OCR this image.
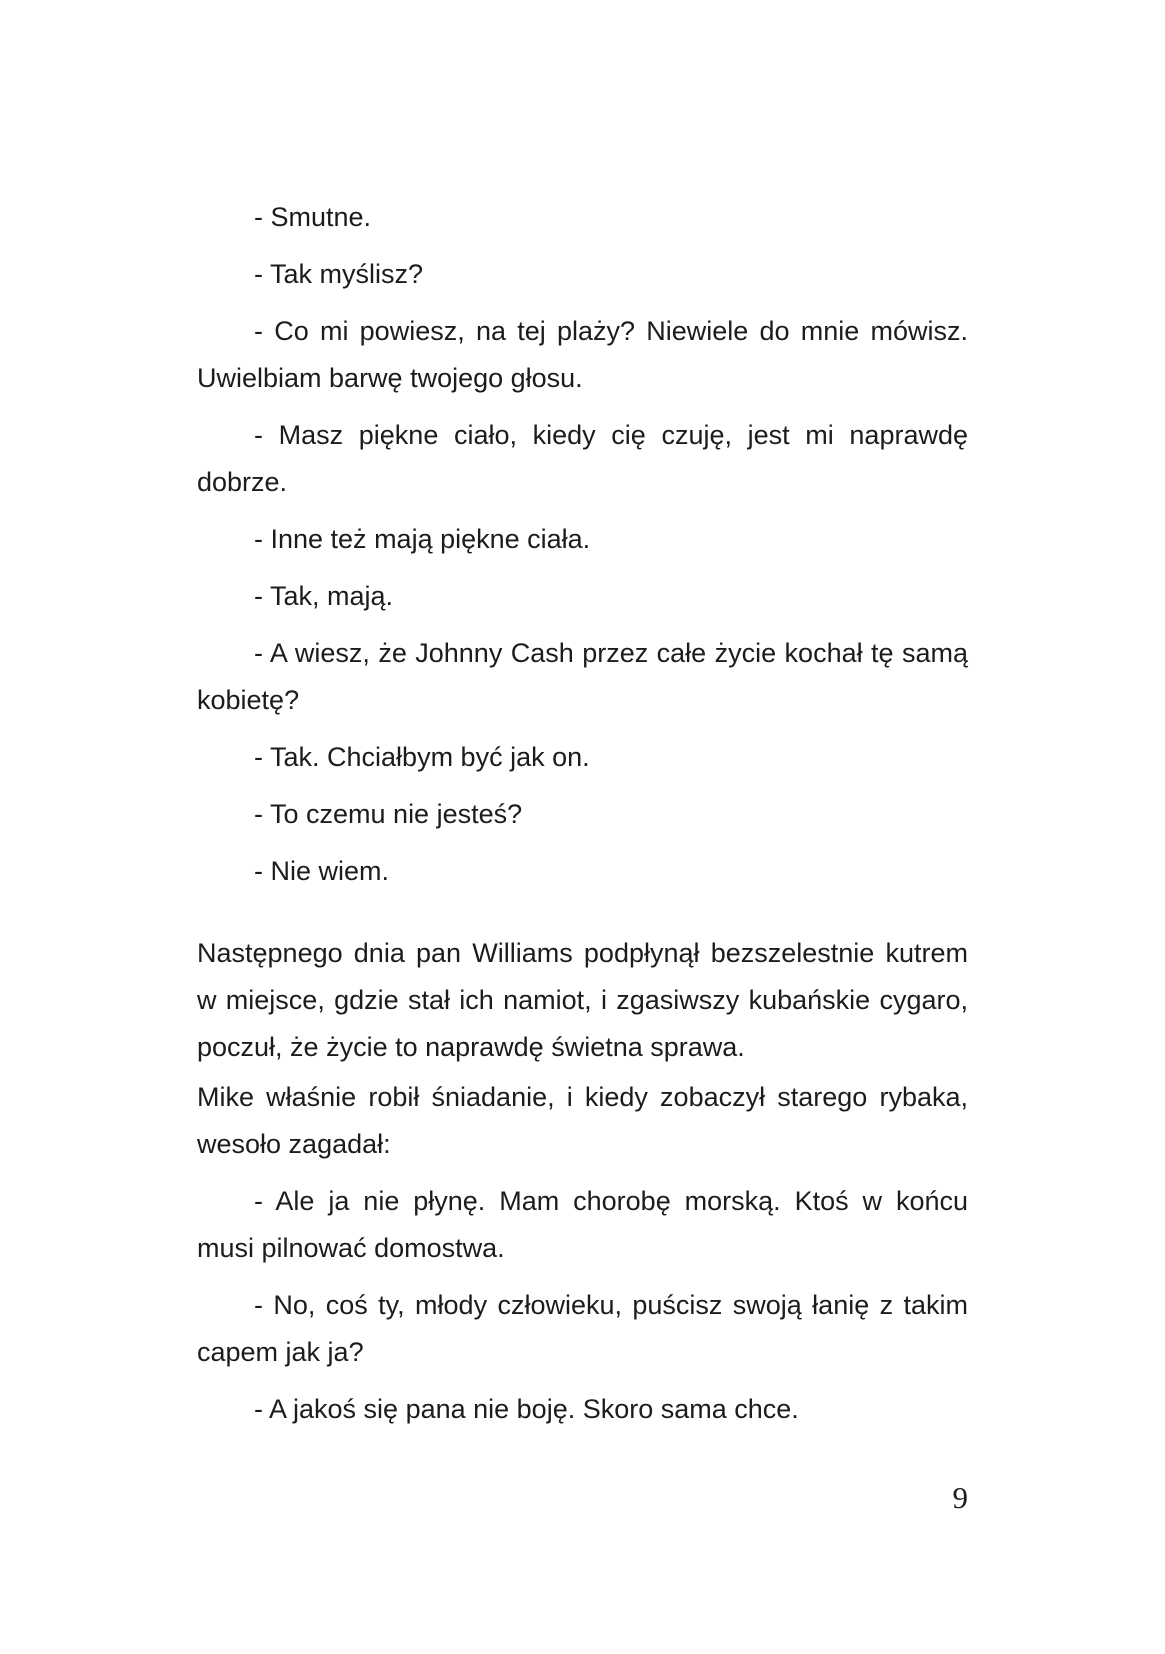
- Smutne.

- Tak myślisz?

- Co mi powiesz, na tej plaży? Niewiele do mnie mówisz. Uwielbiam barwę twojego głosu.

- Masz piękne ciało, kiedy cię czuję, jest mi naprawdę dobrze.

- Inne też mają piękne ciała.

- Tak, mają.

- A wiesz, że Johnny Cash przez całe życie kochał tę samą kobietę?

- Tak. Chciałbym być jak on.

- To czemu nie jesteś?

- Nie wiem.

Następnego dnia pan Williams podpłynął bezszelestnie kutrem w miejsce, gdzie stał ich namiot, i zgasiwszy kubańskie cygaro, poczuł, że życie to naprawdę świetna sprawa.

Mike właśnie robił śniadanie, i kiedy zobaczył starego rybaka, wesoło zagadał:

- Ale ja nie płynę. Mam chorobę morską. Ktoś w końcu musi pilnować domostwa.

- No, coś ty, młody człowieku, puścisz swoją łanię z takim capem jak ja?

- A jakoś się pana nie boję. Skoro sama chce.

9
